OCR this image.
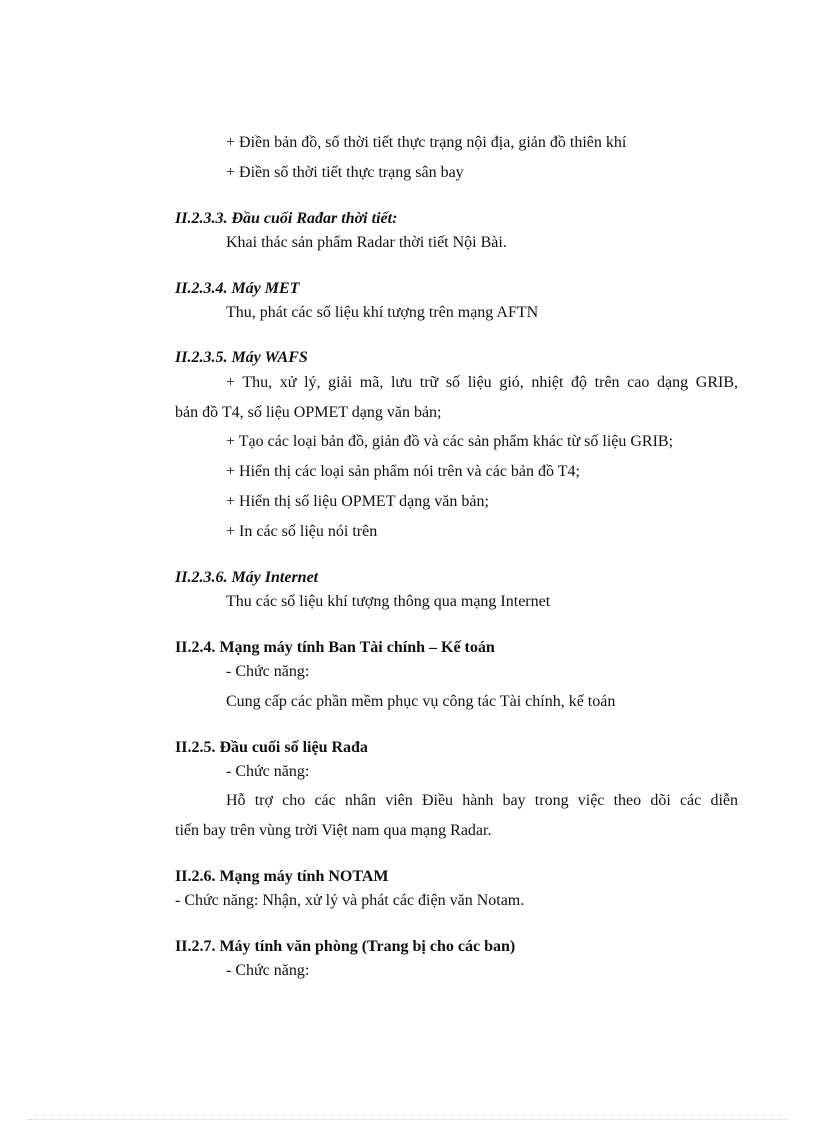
+ Điền bản đồ, sổ thời tiết thực trạng nội địa, giản đồ thiên khí

+ Điền sổ thời tiết thực trạng sân bay

II.2.3.3. Đầu cuối Rađar thời tiết:

Khai thác sản phẩm Radar thời tiết Nội Bài.

II.2.3.4. Máy MET

Thu, phát các số liệu khí tượng trên mạng AFTN

II.2.3.5. Máy WAFS

+ Thu, xử lý, giải mã, lưu trữ số liệu gió, nhiệt độ trên cao dạng GRIB,

bản đồ T4, số liệu OPMET dạng văn bản;

+ Tạo các loại bản đồ, giản đồ và các sản phẩm khác từ số liệu GRIB;

+ Hiển thị các loại sản phẩm nói trên và các bản đồ T4;

+ Hiển thị số liệu OPMET dạng văn bản;

+ In các số liệu nói trên

II.2.3.6. Máy Internet

Thu các số liệu khí tượng thông qua mạng Internet

II.2.4. Mạng máy tính Ban Tài chính – Kế toán

- Chức năng:

Cung cấp các phần mềm phục vụ công tác Tài chính, kế toán

II.2.5. Đầu cuối số liệu Rađa

- Chức năng:

Hỗ trợ cho các nhân viên Điều hành bay trong việc theo dõi các diễn

tiến bay trên vùng trời Việt nam qua mạng Radar.

II.2.6. Mạng máy tính NOTAM

- Chức năng: Nhận, xử lý và phát các điện văn Notam.

II.2.7. Máy tính văn phòng (Trang bị cho các ban)

- Chức năng:
